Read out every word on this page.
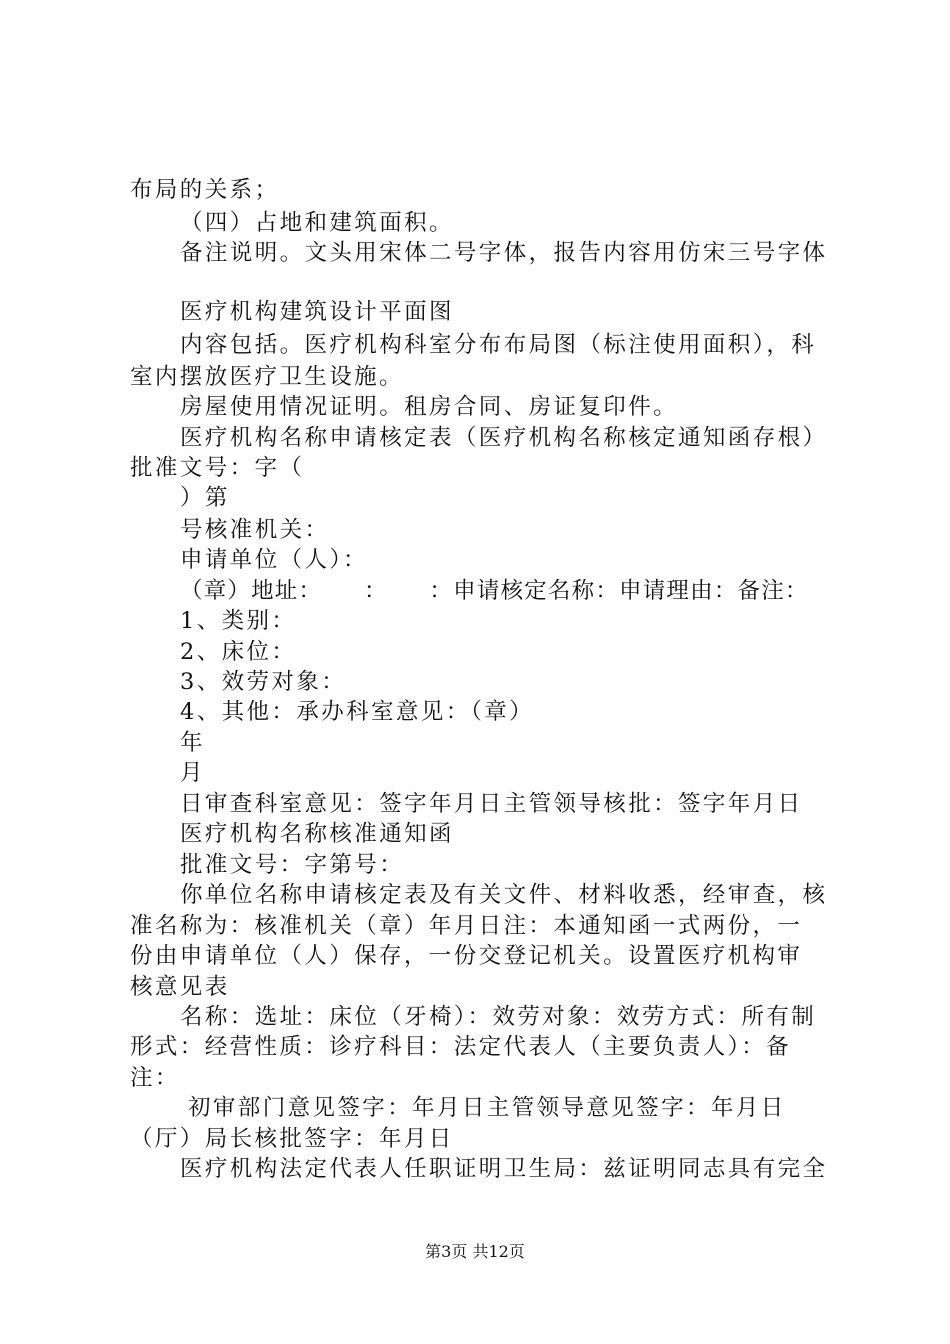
布局的关系；
（四）占地和建筑面积。
备注说明。文头用宋体二号字体，报告内容用仿宋三号字体
医疗机构建筑设计平面图
内容包括。医疗机构科室分布布局图（标注使用面积），科
室内摆放医疗卫生设施。
房屋使用情况证明。租房合同、房证复印件。
医疗机构名称申请核定表（医疗机构名称核定通知函存根）
批准文号：字（
）第
号核准机关：
申请单位（人）：
（章）地址：     ：     ：申请核定名称：申请理由：备注：
1、类别：
2、床位：
3、效劳对象：
4、其他：承办科室意见：（章）
年
月
日审查科室意见：签字年月日主管领导核批：签字年月日
医疗机构名称核准通知函
批准文号：字第号：
你单位名称申请核定表及有关文件、材料收悉，经审查，核
准名称为：核准机关（章）年月日注：本通知函一式两份，一
份由申请单位（人）保存，一份交登记机关。设置医疗机构审
核意见表
名称：选址：床位（牙椅）：效劳对象：效劳方式：所有制
形式：经营性质：诊疗科目：法定代表人（主要负责人）：备
注：
初审部门意见签字：年月日主管领导意见签字：年月日
（厅）局长核批签字：年月日
医疗机构法定代表人任职证明卫生局：兹证明同志具有完全
第3页 共12页
